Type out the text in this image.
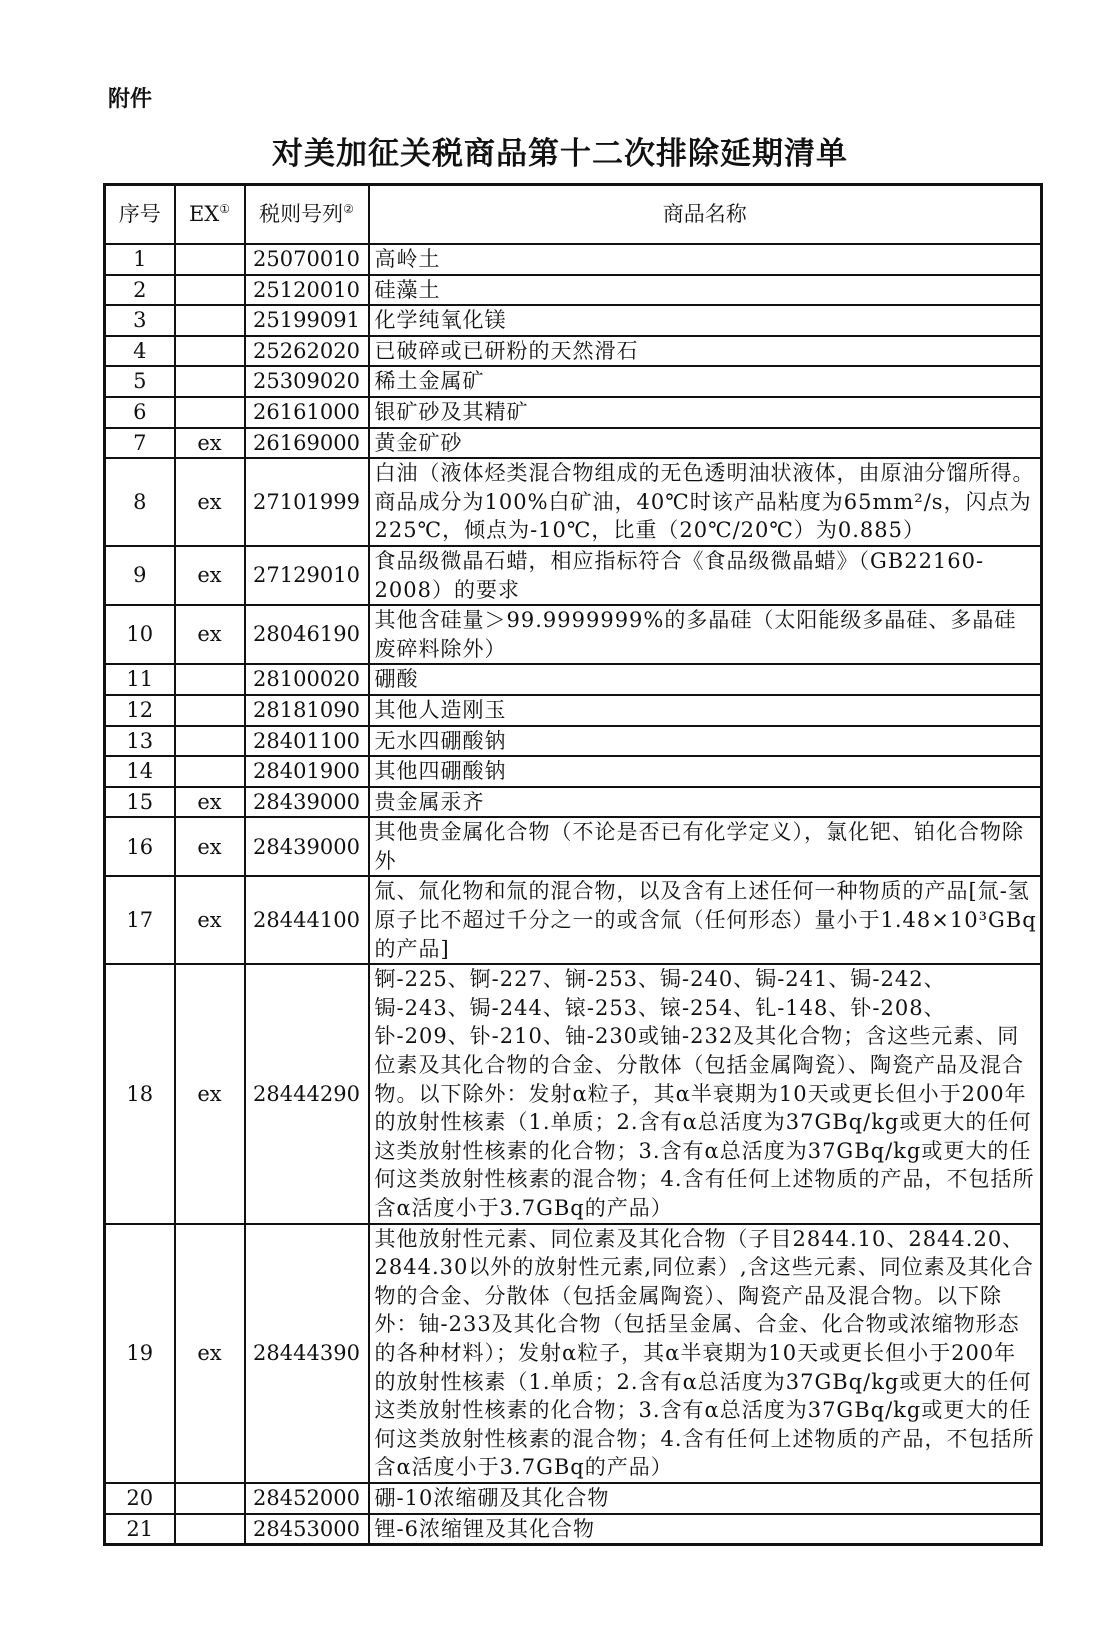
附件
对美加征关税商品第十二次排除延期清单
序号	EX①	税则号列②	商品名称
1		25070010	高岭土
2		25120010	硅藻土
3		25199091	化学纯氧化镁
4		25262020	已破碎或已研粉的天然滑石
5		25309020	稀土金属矿
6		26161000	银矿砂及其精矿
7	ex	26169000	黄金矿砂
8	ex	27101999	白油（液体烃类混合物组成的无色透明油状液体，由原油分馏所得。商品成分为100%白矿油，40℃时该产品粘度为65mm²/s，闪点为225℃，倾点为-10℃，比重（20℃/20℃）为0.885）
9	ex	27129010	食品级微晶石蜡，相应指标符合《食品级微晶蜡》（GB22160-2008）的要求
10	ex	28046190	其他含硅量＞99.9999999%的多晶硅（太阳能级多晶硅、多晶硅废碎料除外）
11		28100020	硼酸
12		28181090	其他人造刚玉
13		28401100	无水四硼酸钠
14		28401900	其他四硼酸钠
15	ex	28439000	贵金属汞齐
16	ex	28439000	其他贵金属化合物（不论是否已有化学定义），氯化钯、铂化合物除外
17	ex	28444100	氚、氚化物和氚的混合物，以及含有上述任何一种物质的产品[氚-氢原子比不超过千分之一的或含氚（任何形态）量小于1.48×10³GBq的产品]
18	ex	28444290	锕-225、锕-227、锎-253、锔-240、锔-241、锔-242、锔-243、锔-244、锿-253、锿-254、钆-148、钋-208、钋-209、钋-210、铀-230或铀-232及其化合物；含这些元素、同位素及其化合物的合金、分散体（包括金属陶瓷）、陶瓷产品及混合物。以下除外：发射α粒子，其α半衰期为10天或更长但小于200年的放射性核素（1.单质；2.含有α总活度为37GBq/kg或更大的任何这类放射性核素的化合物；3.含有α总活度为37GBq/kg或更大的任何这类放射性核素的混合物；4.含有任何上述物质的产品，不包括所含α活度小于3.7GBq的产品）
19	ex	28444390	其他放射性元素、同位素及其化合物（子目2844.10、2844.20、2844.30以外的放射性元素,同位素）,含这些元素、同位素及其化合物的合金、分散体（包括金属陶瓷）、陶瓷产品及混合物。以下除外：铀-233及其化合物（包括呈金属、合金、化合物或浓缩物形态的各种材料）；发射α粒子，其α半衰期为10天或更长但小于200年的放射性核素（1.单质；2.含有α总活度为37GBq/kg或更大的任何这类放射性核素的化合物；3.含有α总活度为37GBq/kg或更大的任何这类放射性核素的混合物；4.含有任何上述物质的产品，不包括所含α活度小于3.7GBq的产品）
20		28452000	硼-10浓缩硼及其化合物
21		28453000	锂-6浓缩锂及其化合物
